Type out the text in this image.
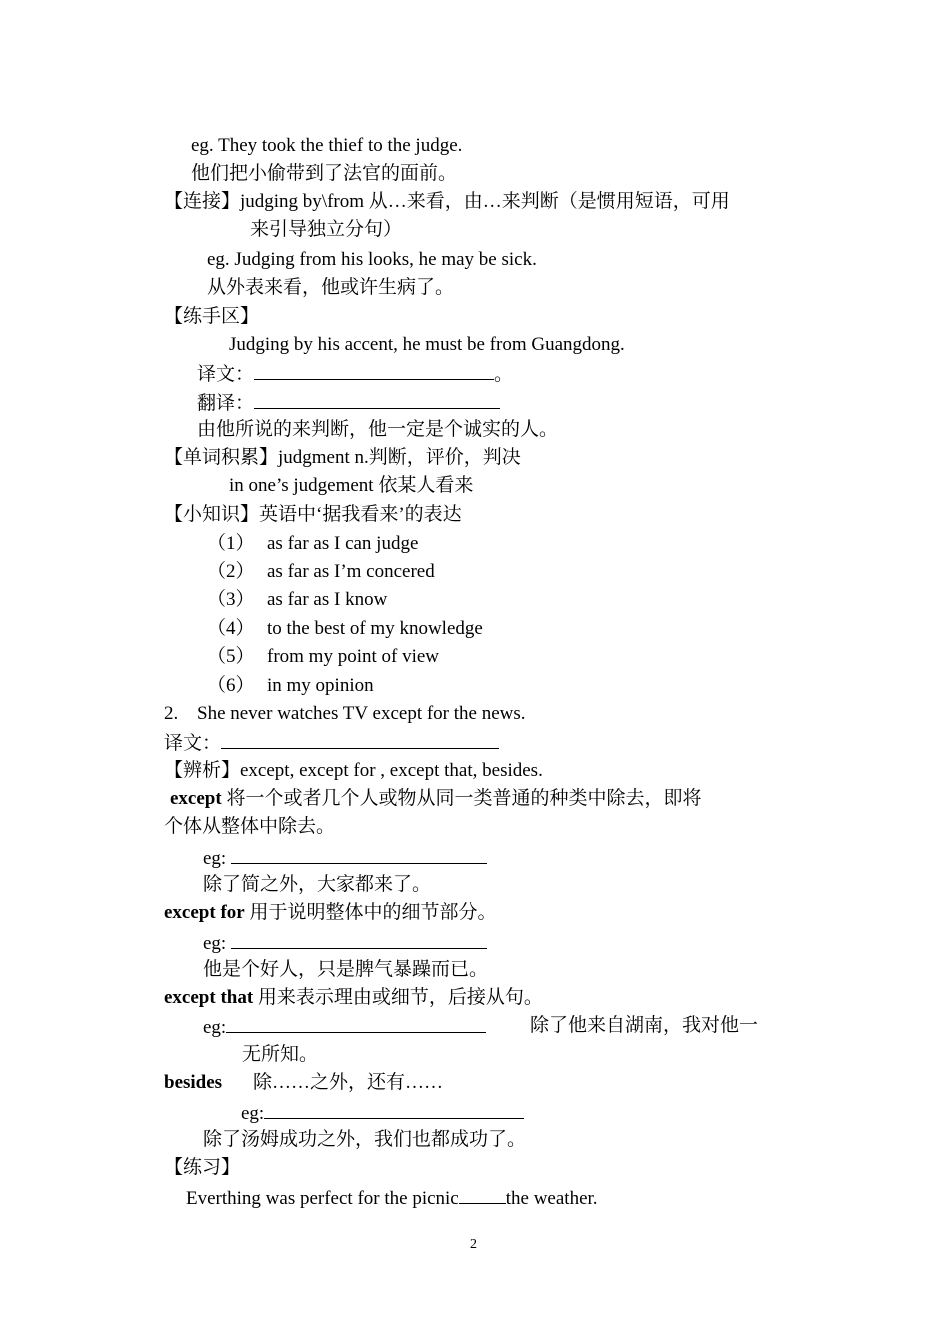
eg. They took the thief to the judge.
他们把小偷带到了法官的面前。
【连接】judging by\from 从…来看，由…来判断（是惯用短语，可用
来引导独立分句）
eg. Judging from his looks, he may be sick.
从外表来看，他或许生病了。
【练手区】
Judging by his accent, he must be from Guangdong.
译文：	。
翻译：
由他所说的来判断，他一定是个诚实的人。
【单词积累】judgment n.判断，评价，判决
in one’s judgement 依某人看来
【小知识】英语中‘据我看来’的表达
（1） as far as I can judge
（2） as far as I’m concered
（3） as far as I know
（4） to the best of my knowledge
（5） from my point of view
（6） in my opinion
2. She never watches TV except for the news.
译文：
【辨析】except, except for , except that, besides.
except 将一个或者几个人或物从同一类普通的种类中除去，即将
个体从整体中除去。
eg:
除了简之外，大家都来了。
except for 用于说明整体中的细节部分。
eg:
他是个好人，只是脾气暴躁而已。
except that 用来表示理由或细节，后接从句。
eg:	除了他来自湖南，我对他一
无所知。
besides 除……之外，还有……
eg:
除了汤姆成功之外，我们也都成功了。
【练习】
Everthing was perfect for the picnic the weather.
2
